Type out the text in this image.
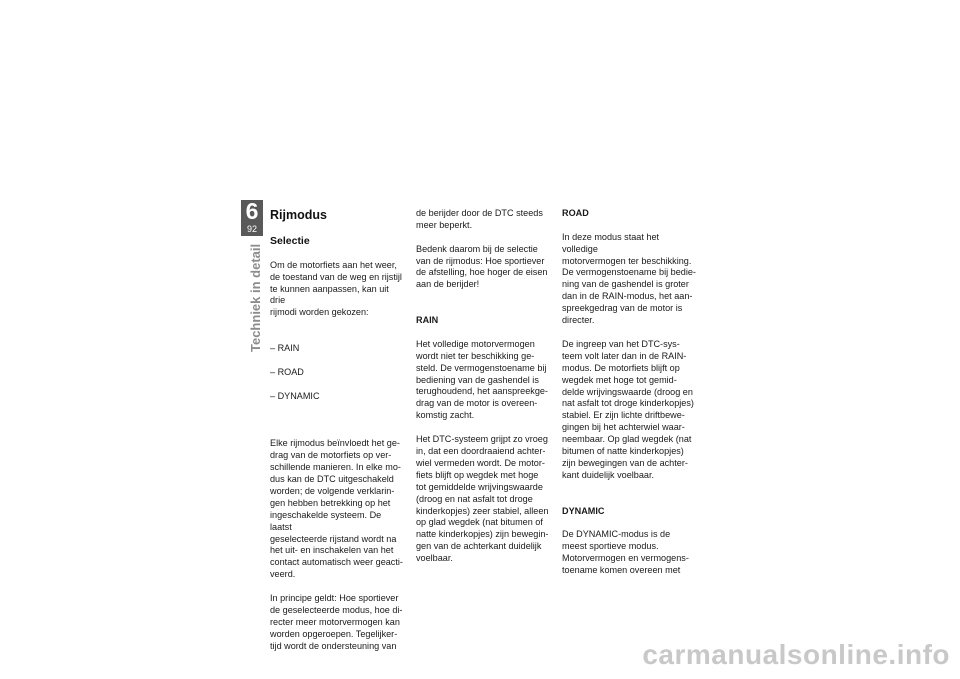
6
92
Techniek in detail

Rijmodus

Selectie

Om de motorfiets aan het weer,
de toestand van de weg en rijstijl
te kunnen aanpassen, kan uit drie
rijmodi worden gekozen:

– RAIN

– ROAD

– DYNAMIC

Elke rijmodus beïnvloedt het ge-
drag van de motorfiets op ver-
schillende manieren. In elke mo-
dus kan de DTC uitgeschakeld
worden; de volgende verklarin-
gen hebben betrekking op het
ingeschakelde systeem. De laatst
geselecteerde rijstand wordt na
het uit- en inschakelen van het
contact automatisch weer geacti-
veerd.

In principe geldt: Hoe sportiever
de geselecteerde modus, hoe di-
recter meer motorvermogen kan
worden opgeroepen. Tegelijker-
tijd wordt de ondersteuning van

de berijder door de DTC steeds
meer beperkt.

Bedenk daarom bij de selectie
van de rijmodus: Hoe sportiever
de afstelling, hoe hoger de eisen
aan de berijder!

RAIN

Het volledige motorvermogen
wordt niet ter beschikking ge-
steld. De vermogenstoename bij
bediening van de gashendel is
terughoudend, het aanspreekge-
drag van de motor is overeen-
komstig zacht.

Het DTC-systeem grijpt zo vroeg
in, dat een doordraaiend achter-
wiel vermeden wordt. De motor-
fiets blijft op wegdek met hoge
tot gemiddelde wrijvingswaarde
(droog en nat asfalt tot droge
kinderkopjes) zeer stabiel, alleen
op glad wegdek (nat bitumen of
natte kinderkopjes) zijn bewegin-
gen van de achterkant duidelijk
voelbaar.

ROAD

In deze modus staat het volledige
motorvermogen ter beschikking.
De vermogenstoename bij bedie-
ning van de gashendel is groter
dan in de RAIN-modus, het aan-
spreekgedrag van de motor is
directer.

De ingreep van het DTC-sys-
teem volt later dan in de RAIN-
modus. De motorfiets blijft op
wegdek met hoge tot gemid-
delde wrijvingswaarde (droog en
nat asfalt tot droge kinderkopjes)
stabiel. Er zijn lichte driftbewe-
gingen bij het achterwiel waar-
neembaar. Op glad wegdek (nat
bitumen of natte kinderkopjes)
zijn bewegingen van de achter-
kant duidelijk voelbaar.

DYNAMIC

De DYNAMIC-modus is de
meest sportieve modus.
Motorvermogen en vermogens-
toename komen overeen met

carmanualsonline.info
